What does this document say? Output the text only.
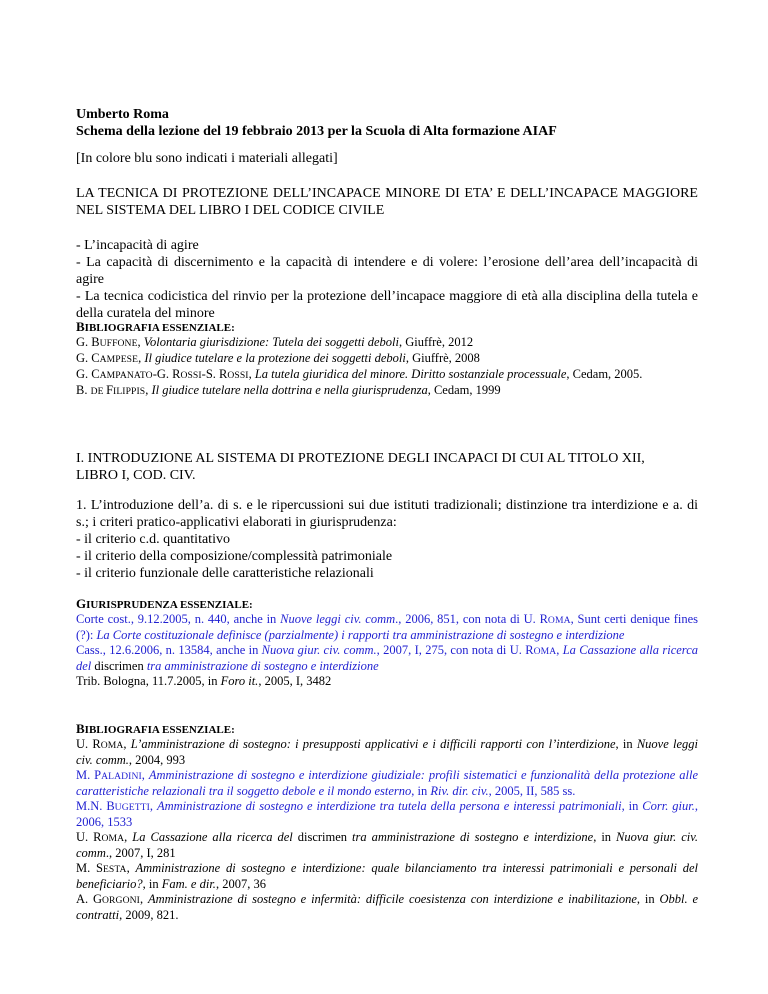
Umberto Roma

Schema della lezione del 19 febbraio 2013 per la Scuola di Alta formazione AIAF

[In colore blu sono indicati i materiali allegati]

LA TECNICA DI PROTEZIONE DELL’INCAPACE MINORE DI ETA’ E DELL’INCAPACE MAGGIORE NEL SISTEMA DEL LIBRO I DEL CODICE CIVILE

- L’incapacità di agire

- La capacità di discernimento e la capacità di intendere e di volere: l’erosione dell’area dell’incapacità di agire

- La tecnica codicistica del rinvio per la protezione dell’incapace maggiore di età alla disciplina della tutela e della curatela del minore

BIBLIOGRAFIA ESSENZIALE:

G. BUFFONE, Volontaria giurisdizione: Tutela dei soggetti deboli, Giuffrè, 2012

G. CAMPESE, Il giudice tutelare e la protezione dei soggetti deboli, Giuffrè, 2008

G. CAMPANATO-G. ROSSI-S. ROSSI, La tutela giuridica del minore. Diritto sostanziale processuale, Cedam, 2005.

B. DE FILIPPIS, Il giudice tutelare nella dottrina e nella giurisprudenza, Cedam, 1999

I. INTRODUZIONE AL SISTEMA DI PROTEZIONE DEGLI INCAPACI DI CUI AL TITOLO XII, LIBRO I, COD. CIV.

1. L’introduzione dell’a. di s. e le ripercussioni sui due istituti tradizionali; distinzione tra interdizione e a. di s.; i criteri pratico-applicativi elaborati in giurisprudenza:

- il criterio c.d. quantitativo

- il criterio della composizione/complessità patrimoniale

- il criterio funzionale delle caratteristiche relazionali

GIURISPRUDENZA ESSENZIALE:

Corte cost., 9.12.2005, n. 440, anche in Nuove leggi civ. comm., 2006, 851, con nota di U. ROMA, Sunt certi denique fines (?): La Corte costituzionale definisce (parzialmente) i rapporti tra amministrazione di sostegno e interdizione

Cass., 12.6.2006, n. 13584, anche in Nuova giur. civ. comm., 2007, I, 275, con nota di U. ROMA, La Cassazione alla ricerca del discrimen tra amministrazione di sostegno e interdizione

Trib. Bologna, 11.7.2005, in Foro it., 2005, I, 3482

BIBLIOGRAFIA ESSENZIALE:

U. ROMA, L’amministrazione di sostegno: i presupposti applicativi e i difficili rapporti con l’interdizione, in Nuove leggi civ. comm., 2004, 993

M. PALADINI, Amministrazione di sostegno e interdizione giudiziale: profili sistematici e funzionalità della protezione alle caratteristiche relazionali tra il soggetto debole e il mondo esterno, in Riv. dir. civ., 2005, II, 585 ss.

M.N. BUGETTI, Amministrazione di sostegno e interdizione tra tutela della persona e interessi patrimoniali, in Corr. giur., 2006, 1533

U. ROMA, La Cassazione alla ricerca del discrimen tra amministrazione di sostegno e interdizione, in Nuova giur. civ. comm., 2007, I, 281

M. SESTA, Amministrazione di sostegno e interdizione: quale bilanciamento tra interessi patrimoniali e personali del beneficiario?, in Fam. e dir., 2007, 36

A. GORGONI, Amministrazione di sostegno e infermità: difficile coesistenza con interdizione e inabilitazione, in Obbl. e contratti, 2009, 821.
